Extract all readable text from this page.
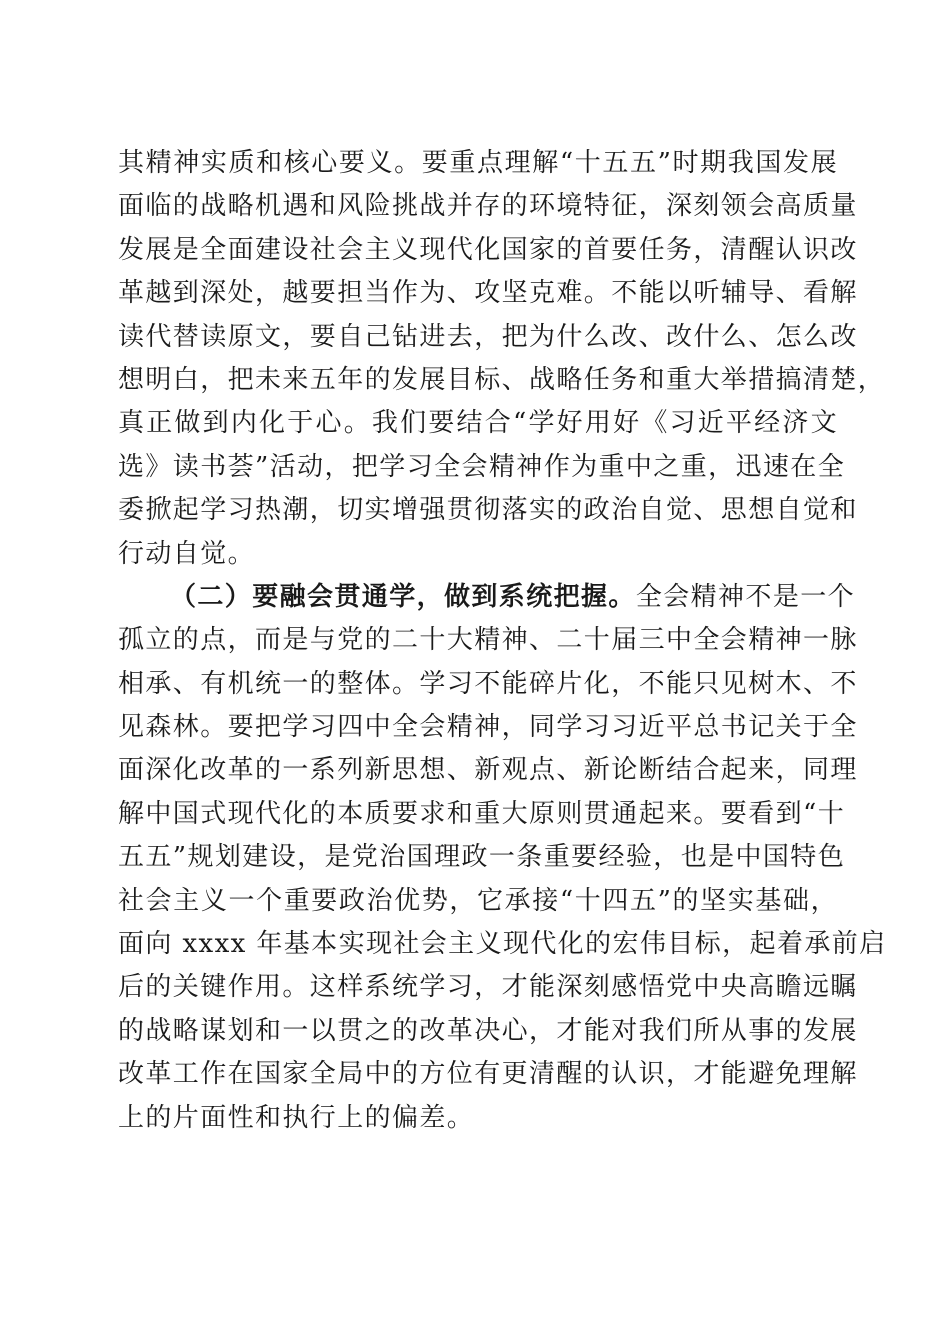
其精神实质和核心要义。要重点理解“十五五”时期我国发展
面临的战略机遇和风险挑战并存的环境特征，深刻领会高质量
发展是全面建设社会主义现代化国家的首要任务，清醒认识改
革越到深处，越要担当作为、攻坚克难。不能以听辅导、看解
读代替读原文，要自己钻进去，把为什么改、改什么、怎么改
想明白，把未来五年的发展目标、战略任务和重大举措搞清楚，
真正做到内化于心。我们要结合“学好用好《习近平经济文
选》读书荟”活动，把学习全会精神作为重中之重，迅速在全
委掀起学习热潮，切实增强贯彻落实的政治自觉、思想自觉和
行动自觉。
（二）要融会贯通学，做到系统把握。全会精神不是一个
孤立的点，而是与党的二十大精神、二十届三中全会精神一脉
相承、有机统一的整体。学习不能碎片化，不能只见树木、不
见森林。要把学习四中全会精神，同学习习近平总书记关于全
面深化改革的一系列新思想、新观点、新论断结合起来，同理
解中国式现代化的本质要求和重大原则贯通起来。要看到“十
五五”规划建设，是党治国理政一条重要经验，也是中国特色
社会主义一个重要政治优势，它承接“十四五”的坚实基础，
面向 xxxx 年基本实现社会主义现代化的宏伟目标，起着承前启
后的关键作用。这样系统学习，才能深刻感悟党中央高瞻远瞩
的战略谋划和一以贯之的改革决心，才能对我们所从事的发展
改革工作在国家全局中的方位有更清醒的认识，才能避免理解
上的片面性和执行上的偏差。
